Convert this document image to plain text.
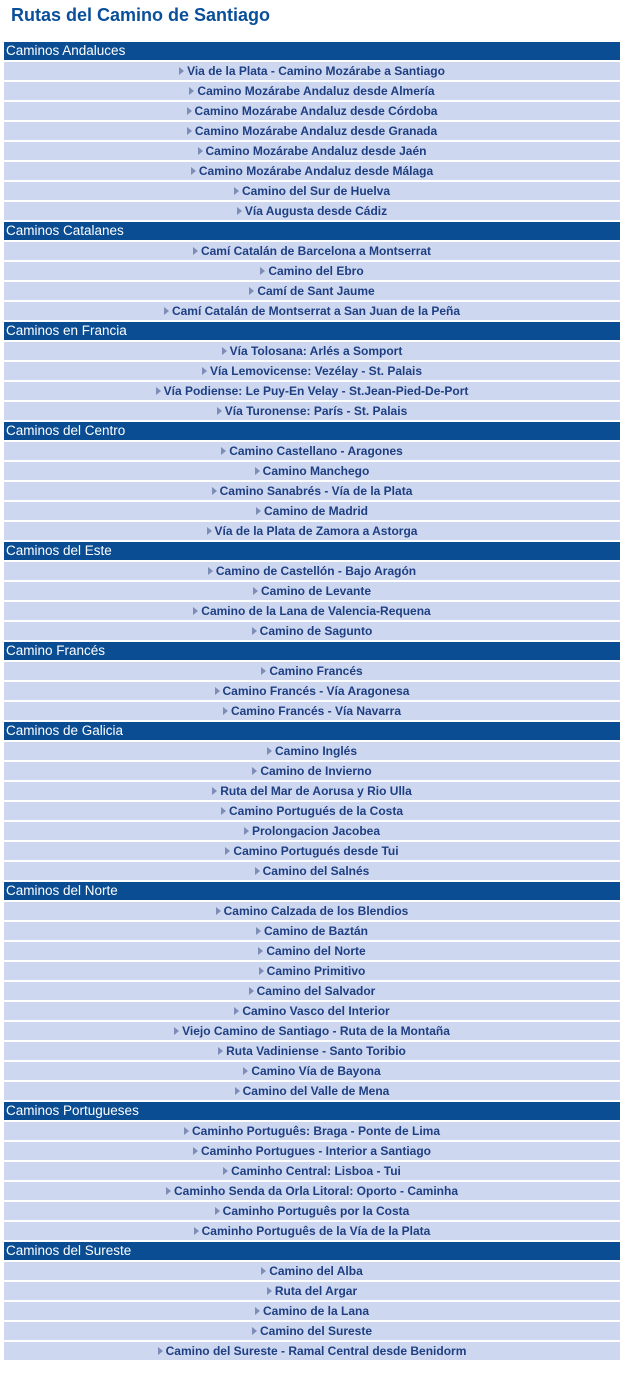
Rutas del Camino de Santiago
Caminos Andaluces
Via de la Plata - Camino Mozárabe a Santiago
Camino Mozárabe Andaluz desde Almería
Camino Mozárabe Andaluz desde Córdoba
Camino Mozárabe Andaluz desde Granada
Camino Mozárabe Andaluz desde Jaén
Camino Mozárabe Andaluz desde Málaga
Camino del Sur de Huelva
Vía Augusta desde Cádiz
Caminos Catalanes
Camí Catalán de Barcelona a Montserrat
Camino del Ebro
Camí de Sant Jaume
Camí Catalán de Montserrat a San Juan de la Peña
Caminos en Francia
Vía Tolosana: Arlés a Somport
Vía Lemovicense: Vezélay - St. Palais
Vía Podiense: Le Puy-En Velay - St.Jean-Pied-De-Port
Vía Turonense: París - St. Palais
Caminos del Centro
Camino Castellano - Aragones
Camino Manchego
Camino Sanabrés - Vía de la Plata
Camino de Madrid
Vía de la Plata de Zamora a Astorga
Caminos del Este
Camino de Castellón - Bajo Aragón
Camino de Levante
Camino de la Lana de Valencia-Requena
Camino de Sagunto
Camino Francés
Camino Francés
Camino Francés - Vía Aragonesa
Camino Francés - Vía Navarra
Caminos de Galicia
Camino Inglés
Camino de Invierno
Ruta del Mar de Aorusa y Rio Ulla
Camino Portugués de la Costa
Prolongacion Jacobea
Camino Portugués desde Tui
Camino del Salnés
Caminos del Norte
Camino Calzada de los Blendios
Camino de Baztán
Camino del Norte
Camino Primitivo
Camino del Salvador
Camino Vasco del Interior
Viejo Camino de Santiago - Ruta de la Montaña
Ruta Vadiniense - Santo Toribio
Camino Vía de Bayona
Camino del Valle de Mena
Caminos Portugueses
Caminho Português: Braga - Ponte de Lima
Caminho Portugues - Interior a Santiago
Caminho Central: Lisboa - Tui
Caminho Senda da Orla Litoral: Oporto - Caminha
Caminho Português por la Costa
Caminho Português de la Vía de la Plata
Caminos del Sureste
Camino del Alba
Ruta del Argar
Camino de la Lana
Camino del Sureste
Camino del Sureste - Ramal Central desde Benidorm
